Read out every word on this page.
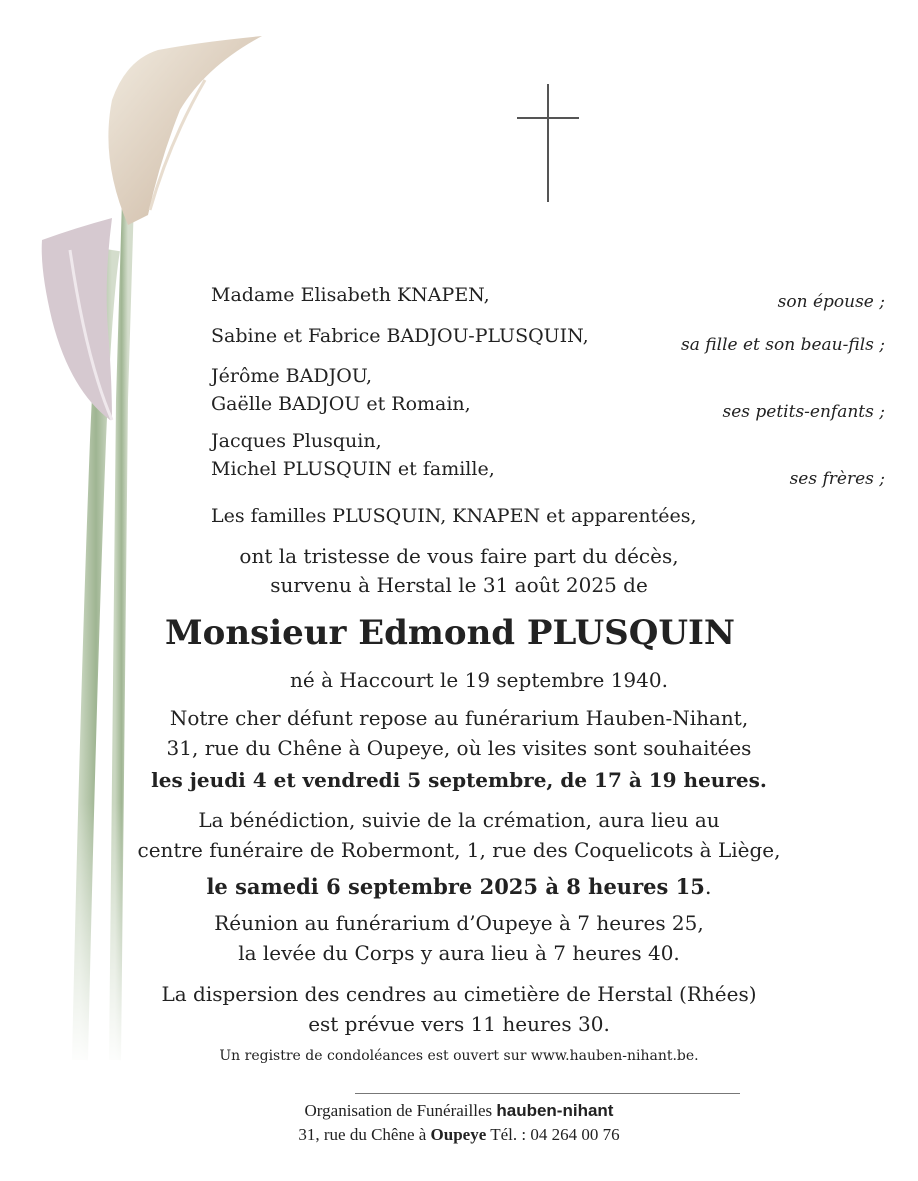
Madame Elisabeth KNAPEN,	son épouse ;
Sabine et Fabrice BADJOU-PLUSQUIN,	sa fille et son beau-fils ;
Jérôme BADJOU,
Gaëlle BADJOU et Romain,	ses petits-enfants ;
Jacques Plusquin,
Michel PLUSQUIN et famille,	ses frères ;
Les familles PLUSQUIN, KNAPEN et apparentées,
ont la tristesse de vous faire part du décès,
survenu à Herstal le 31 août 2025 de
Monsieur Edmond PLUSQUIN
né à Haccourt le 19 septembre 1940.
Notre cher défunt repose au funérarium Hauben-Nihant,
31, rue du Chêne à Oupeye, où les visites sont souhaitées
les jeudi 4 et vendredi 5 septembre, de 17 à 19 heures.
La bénédiction, suivie de la crémation, aura lieu au
centre funéraire de Robermont, 1, rue des Coquelicots à Liège,
le samedi 6 septembre 2025 à 8 heures 15.
Réunion au funérarium d’Oupeye à 7 heures 25,
la levée du Corps y aura lieu à 7 heures 40.
La dispersion des cendres au cimetière de Herstal (Rhées)
est prévue vers 11 heures 30.
Un registre de condoléances est ouvert sur www.hauben-nihant.be.
Organisation de Funérailles hauben-nihant
31, rue du Chêne à Oupeye Tél. : 04 264 00 76
